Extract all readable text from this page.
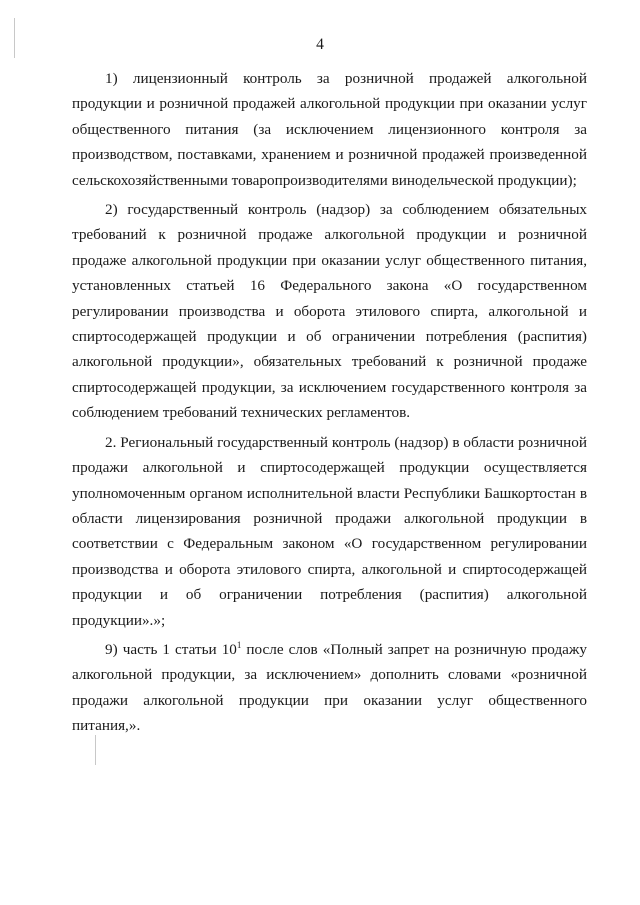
4

1) лицензионный контроль за розничной продажей алкогольной продукции и розничной продажей алкогольной продукции при оказании услуг общественного питания (за исключением лицензионного контроля за производством, поставками, хранением и розничной продажей произведенной сельскохозяйственными товаропроизводителями винодельческой продукции);

2) государственный контроль (надзор) за соблюдением обязательных требований к розничной продаже алкогольной продукции и розничной продаже алкогольной продукции при оказании услуг общественного питания, установленных статьей 16 Федерального закона «О государственном регулировании производства и оборота этилового спирта, алкогольной и спиртосодержащей продукции и об ограничении потребления (распития) алкогольной продукции», обязательных требований к розничной продаже спиртосодержащей продукции, за исключением государственного контроля за соблюдением требований технических регламентов.

2. Региональный государственный контроль (надзор) в области розничной продажи алкогольной и спиртосодержащей продукции осуществляется уполномоченным органом исполнительной власти Республики Башкортостан в области лицензирования розничной продажи алкогольной продукции в соответствии с Федеральным законом «О государственном регулировании производства и оборота этилового спирта, алкогольной и спиртосодержащей продукции и об ограничении потребления (распития) алкогольной продукции».»;

9) часть 1 статьи $10^1$ после слов «Полный запрет на розничную продажу алкогольной продукции, за исключением» дополнить словами «розничной продажи алкогольной продукции при оказании услуг общественного питания,».
